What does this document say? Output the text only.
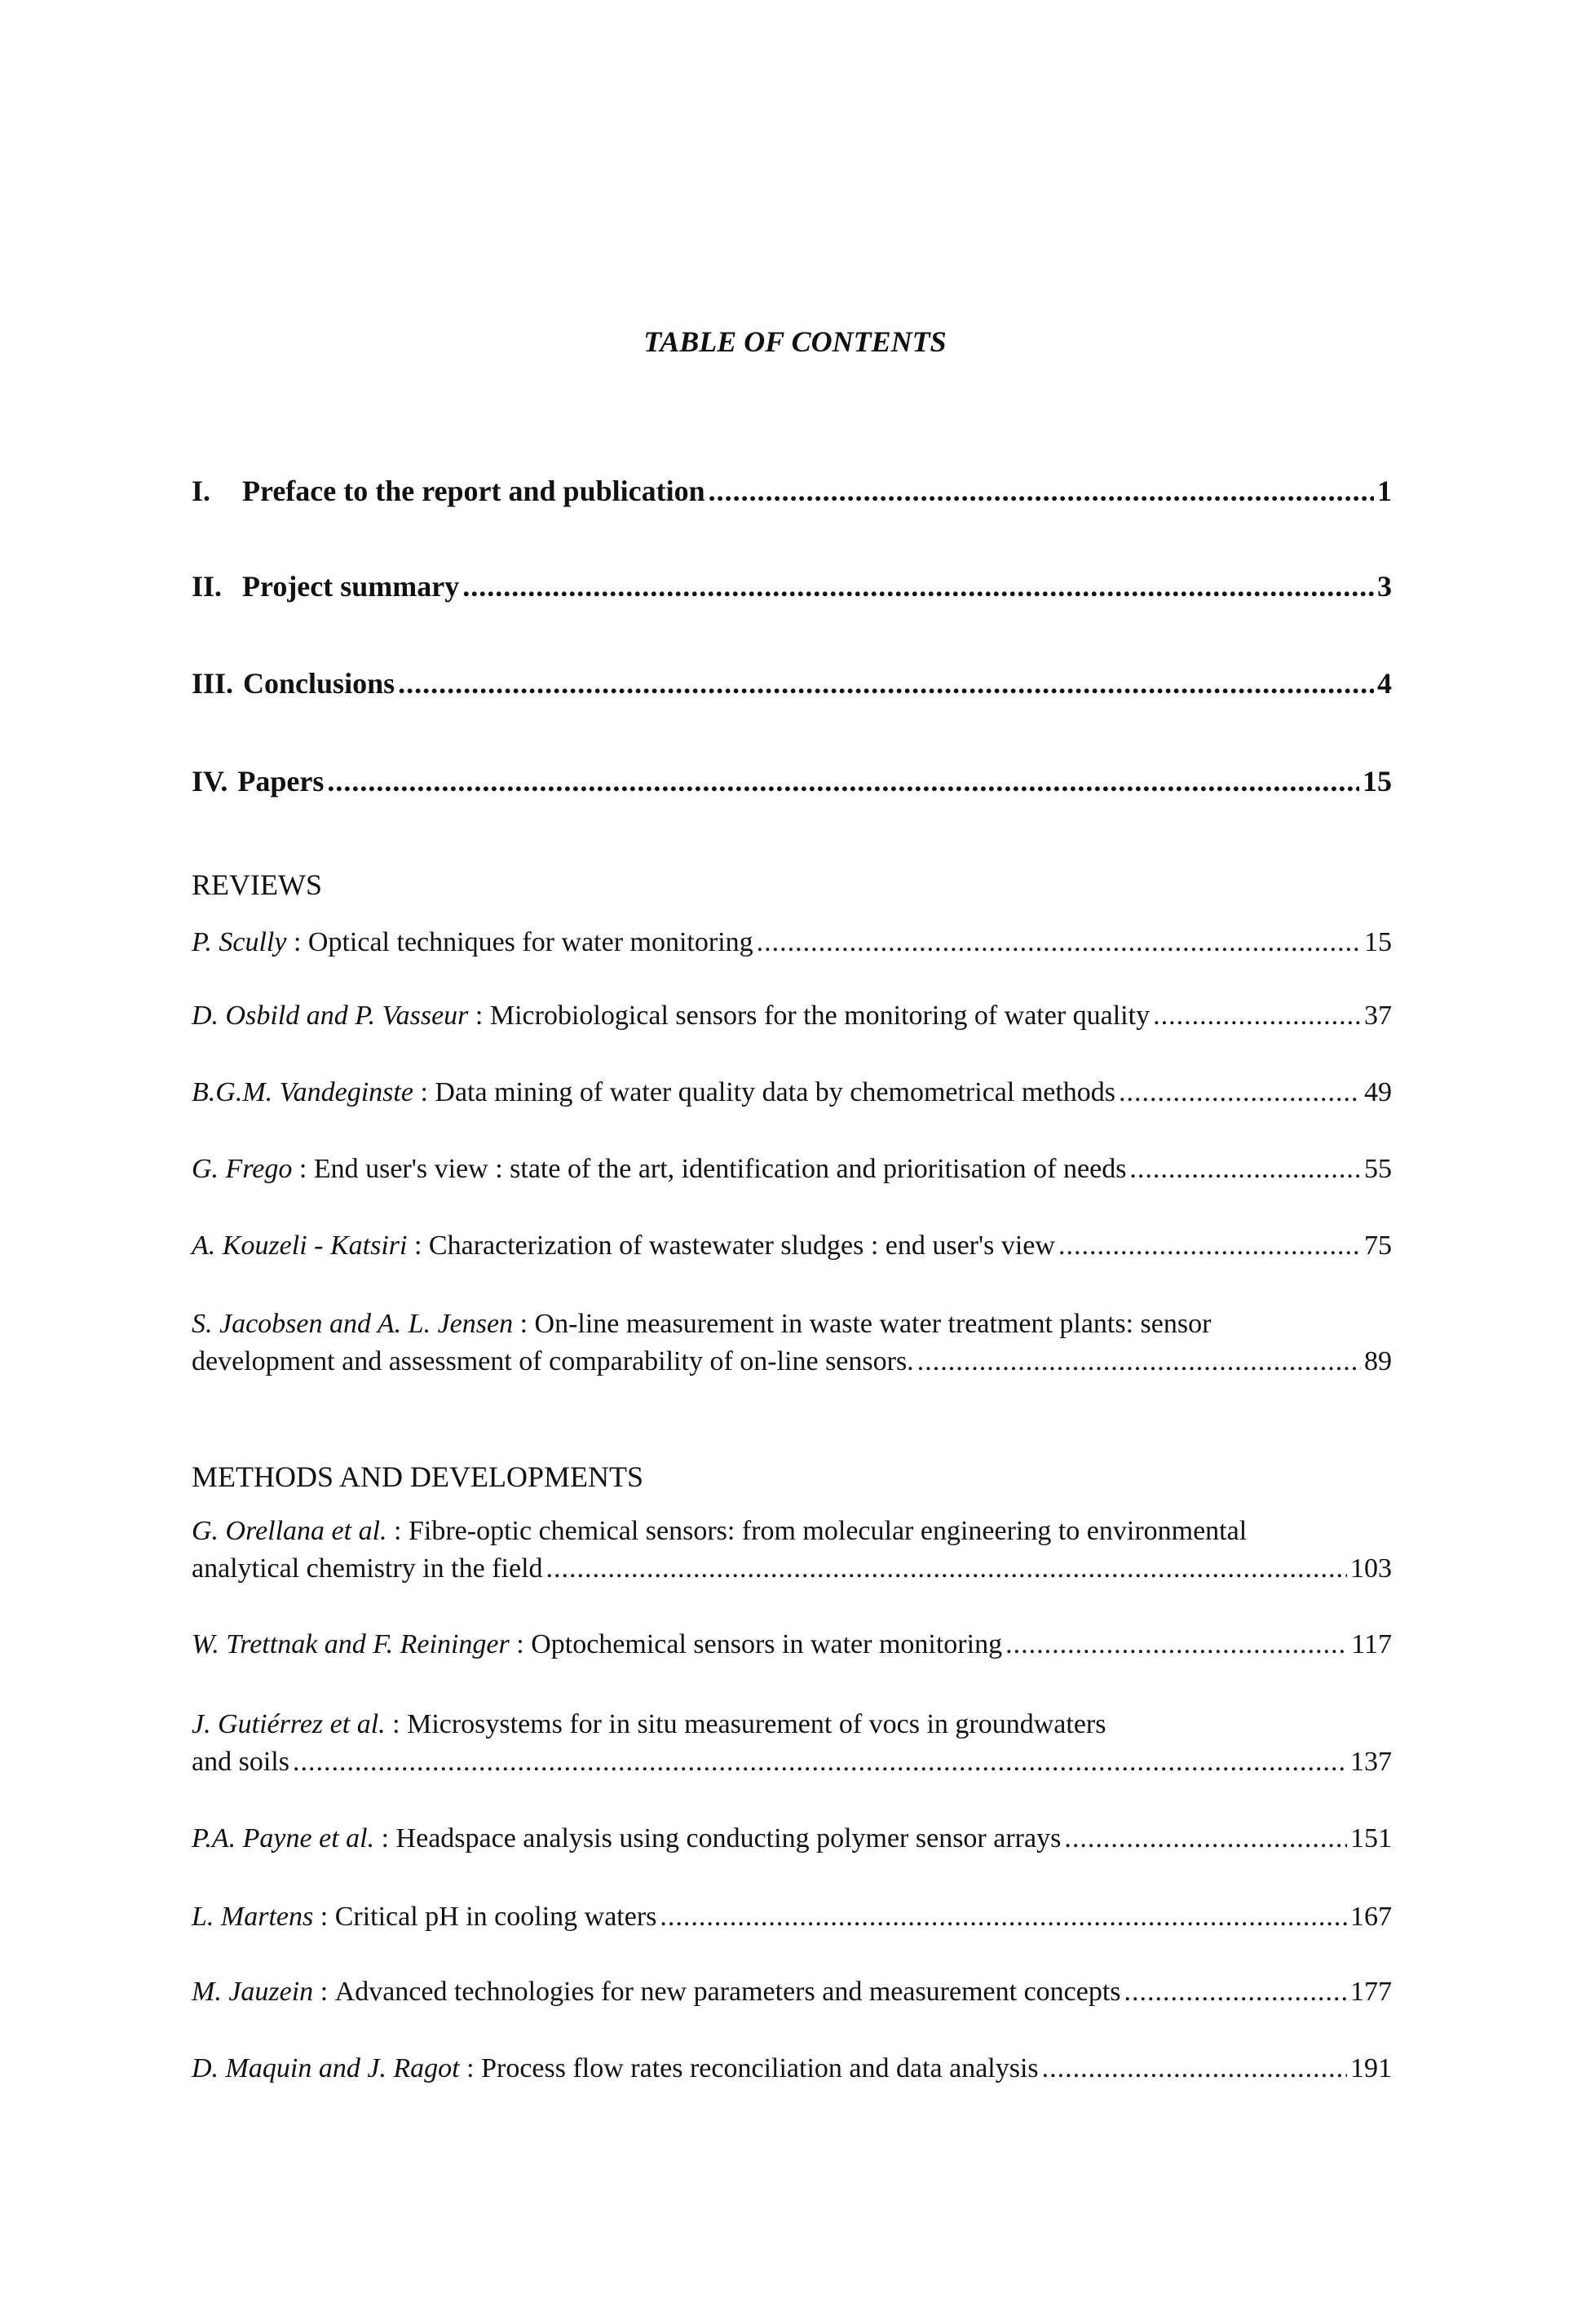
TABLE OF CONTENTS
I.	Preface to the report and publication .....	1
II. Project summary .....	3
III. Conclusions .....	4
IV. Papers .....	15
REVIEWS
P. Scully : Optical techniques for water monitoring .....	15
D. Osbild and P. Vasseur : Microbiological sensors for the monitoring of water quality .....	37
B.G.M. Vandeginste : Data mining of water quality data by chemometrical methods .....	49
G. Frego : End user's view : state of the art, identification and prioritisation of needs .....	55
A. Kouzeli - Katsiri : Characterization of wastewater sludges : end user's view .....	75
S. Jacobsen and A. L. Jensen : On-line measurement in waste water treatment plants: sensor
development and assessment of comparability of on-line sensors. .....	89
METHODS AND DEVELOPMENTS
G. Orellana et al. : Fibre-optic chemical sensors: from molecular engineering to environmental
analytical chemistry in the field .....	103
W. Trettnak and F. Reininger : Optochemical sensors in water monitoring .....	117
J. Gutiérrez et al. : Microsystems for in situ measurement of vocs in groundwaters
and soils .....	137
P.A. Payne et al. : Headspace analysis using conducting polymer sensor arrays .....	151
L. Martens : Critical pH in cooling waters .....	167
M. Jauzein : Advanced technologies for new parameters and measurement concepts .....	177
D. Maquin and J. Ragot : Process flow rates reconciliation and data analysis .....	191
